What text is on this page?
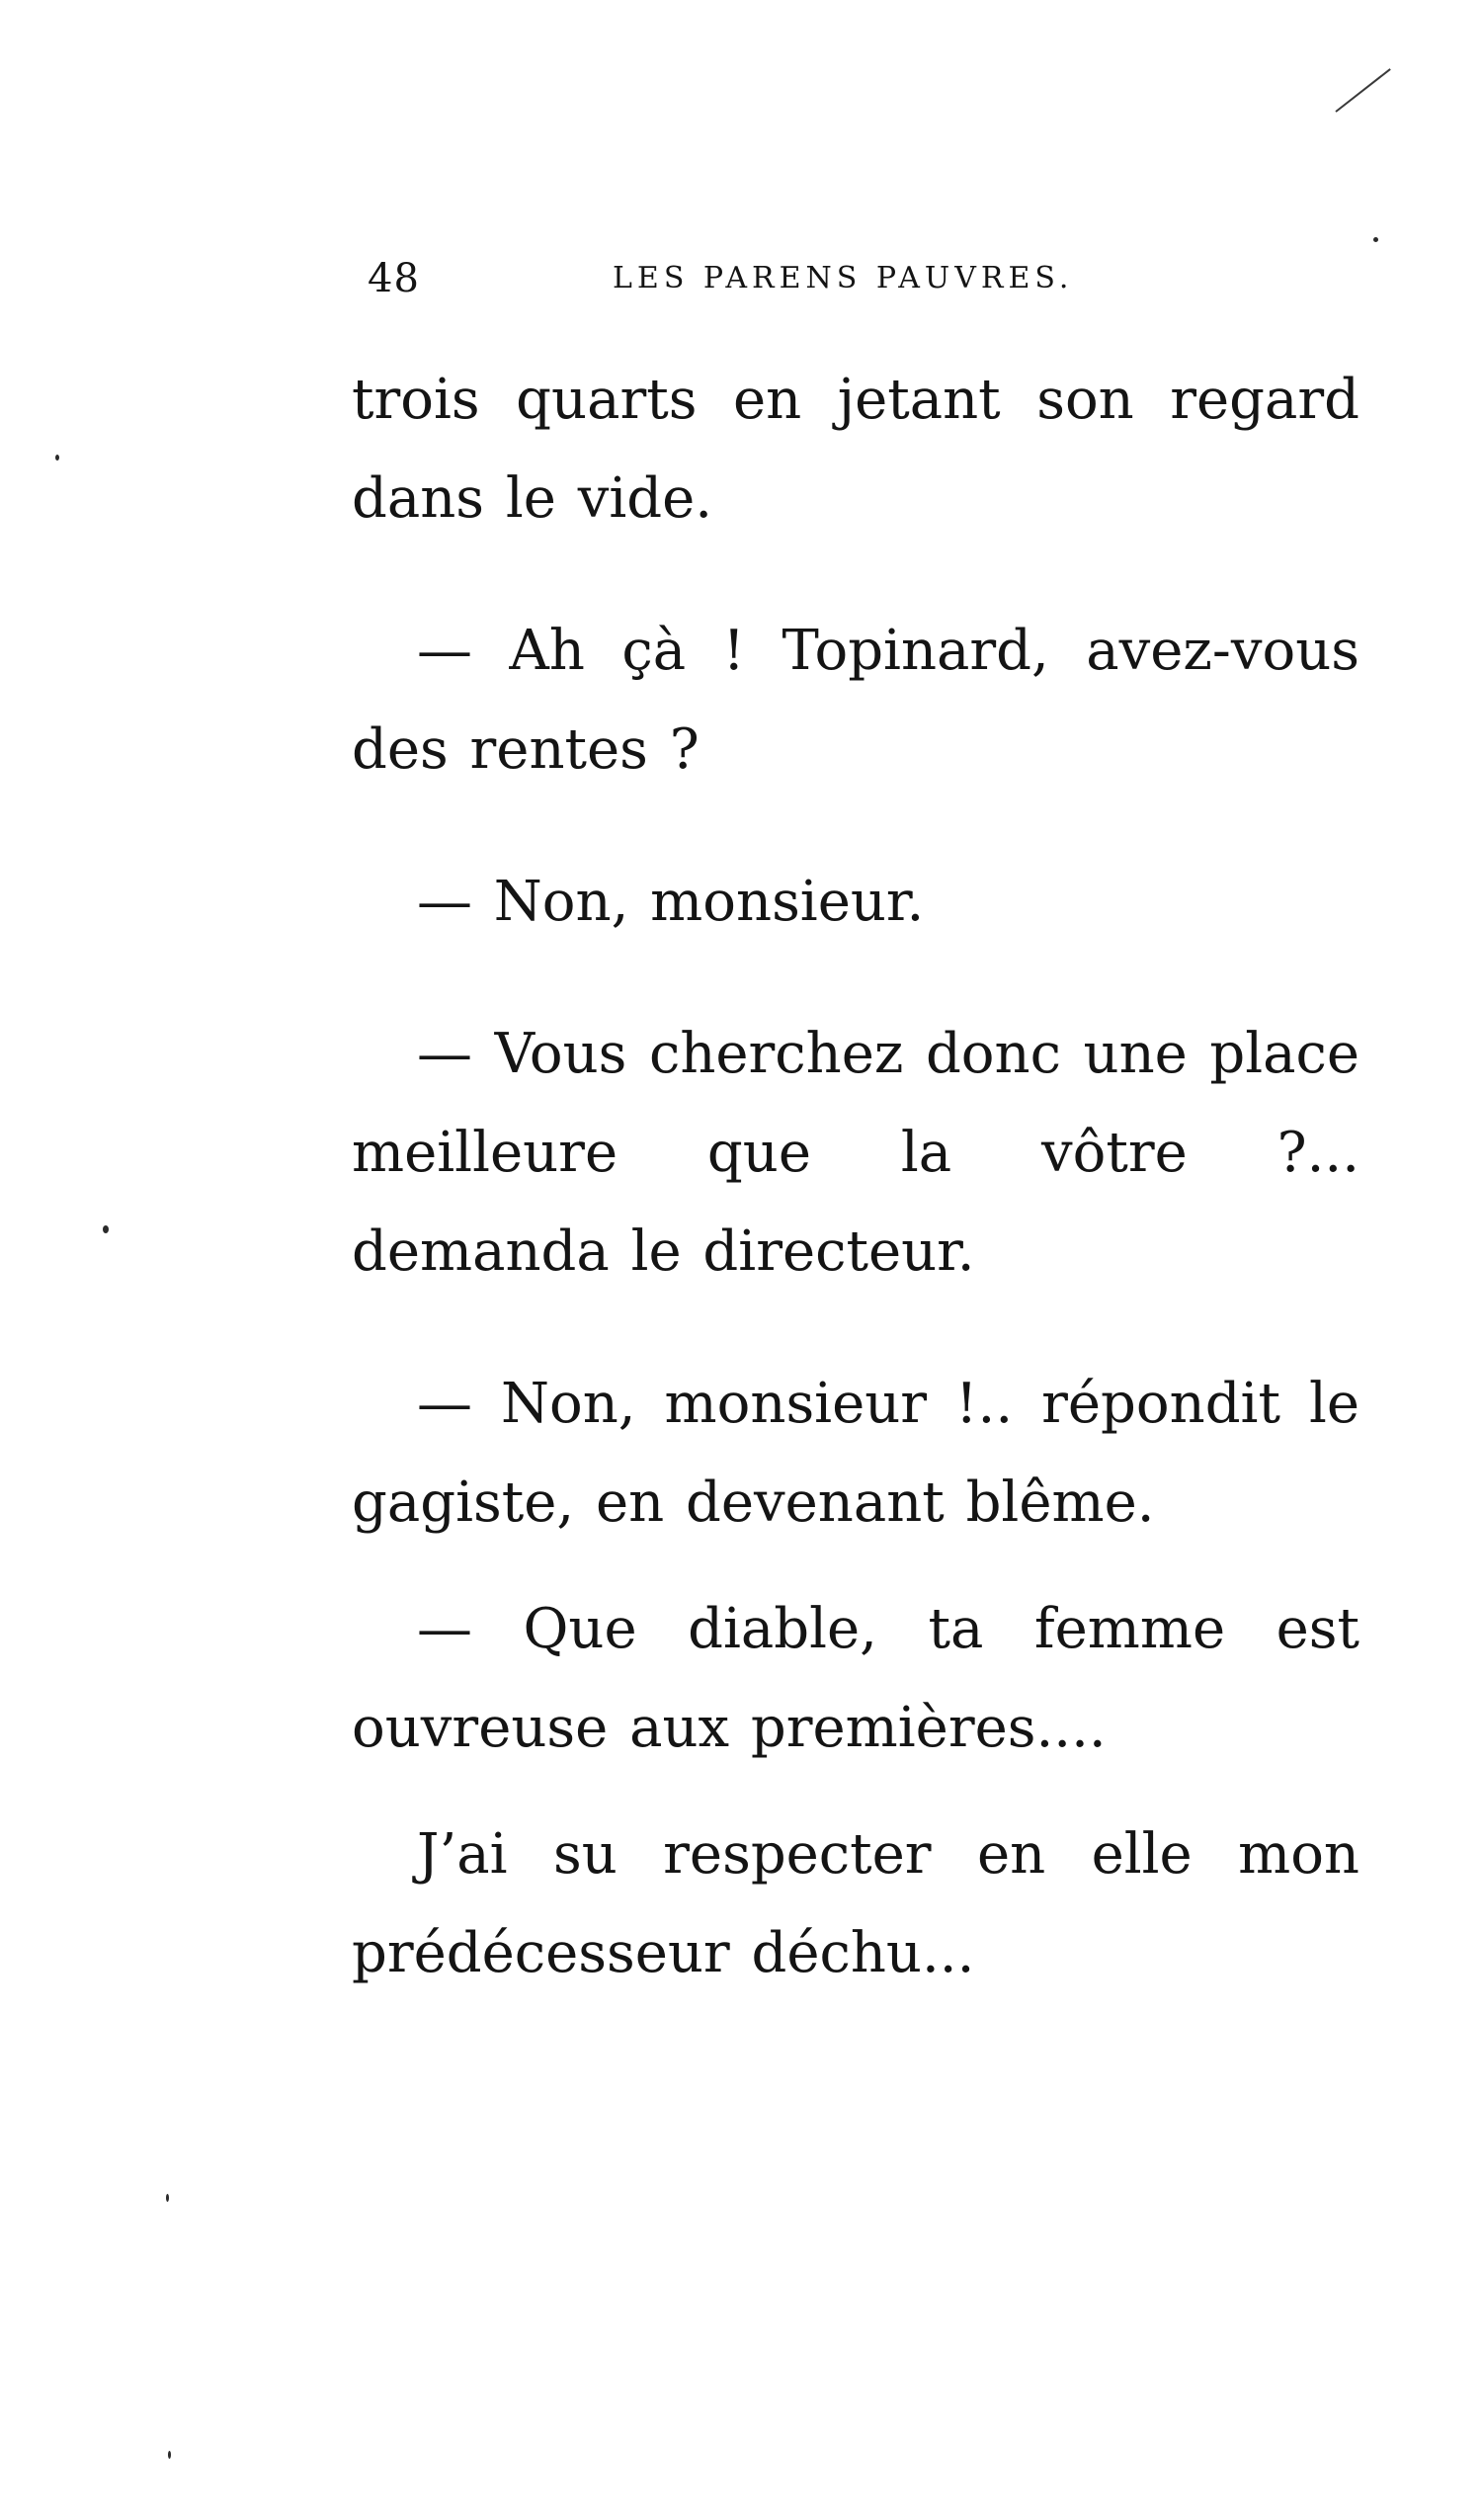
48	LES PARENS PAUVRES.

trois quarts en jetant son regard dans le vide.

— Ah çà ! Topinard, avez-vous des rentes ?

— Non, monsieur.

— Vous cherchez donc une place meilleure que la vôtre ?... demanda le directeur.

— Non, monsieur !.. répondit le gagiste, en devenant blême.

— Que diable, ta femme est ouvreuse aux premières....

J’ai su respecter en elle mon prédécesseur déchu...
